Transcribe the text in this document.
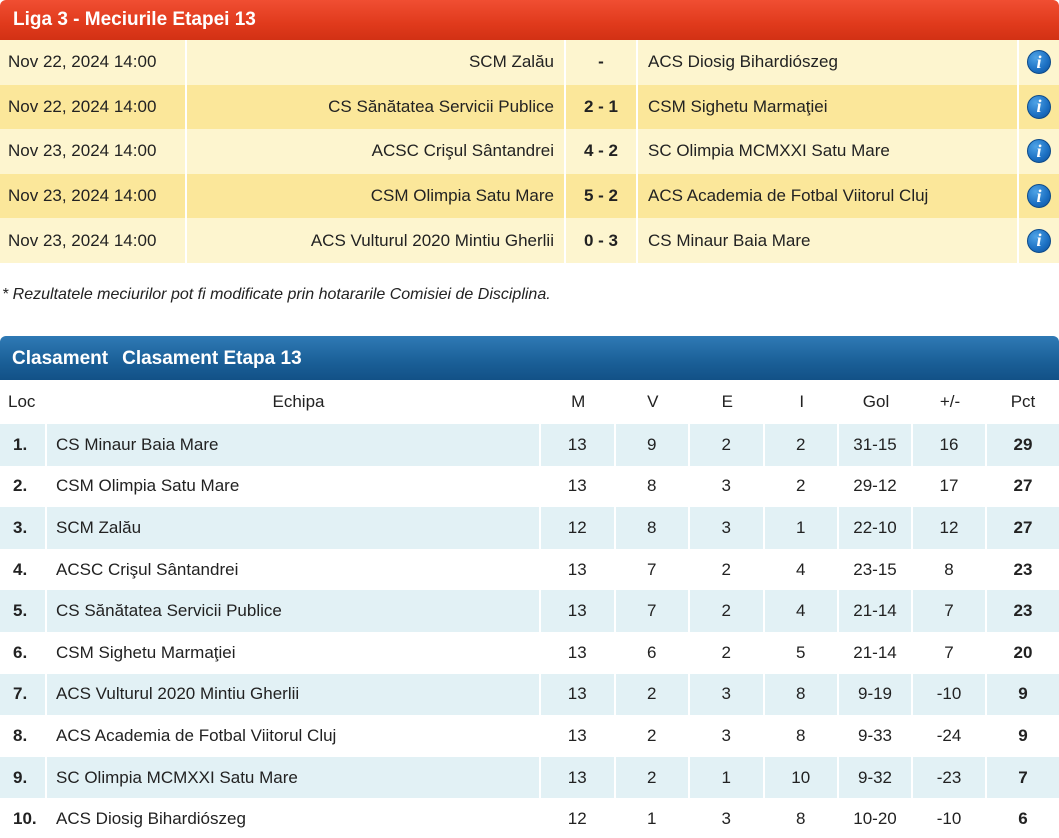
Liga 3 - Meciurile Etapei 13
Nov 22, 2024 14:00	SCM Zalău	-	ACS Diosig Bihardiószeg	i
Nov 22, 2024 14:00	CS Sănătatea Servicii Publice	2 - 1	CSM Sighetu Marmaţiei	i
Nov 23, 2024 14:00	ACSC Crişul Sântandrei	4 - 2	SC Olimpia MCMXXI Satu Mare	i
Nov 23, 2024 14:00	CSM Olimpia Satu Mare	5 - 2	ACS Academia de Fotbal Viitorul Cluj	i
Nov 23, 2024 14:00	ACS Vulturul 2020 Mintiu Gherlii	0 - 3	CS Minaur Baia Mare	i
* Rezultatele meciurilor pot fi modificate prin hotararile Comisiei de Disciplina.
Clasament Clasament Etapa 13
Loc	Echipa	M	V	E	I	Gol	+/-	Pct
1.	CS Minaur Baia Mare	13	9	2	2	31-15	16	29
2.	CSM Olimpia Satu Mare	13	8	3	2	29-12	17	27
3.	SCM Zalău	12	8	3	1	22-10	12	27
4.	ACSC Crişul Sântandrei	13	7	2	4	23-15	8	23
5.	CS Sănătatea Servicii Publice	13	7	2	4	21-14	7	23
6.	CSM Sighetu Marmaţiei	13	6	2	5	21-14	7	20
7.	ACS Vulturul 2020 Mintiu Gherlii	13	2	3	8	9-19	-10	9
8.	ACS Academia de Fotbal Viitorul Cluj	13	2	3	8	9-33	-24	9
9.	SC Olimpia MCMXXI Satu Mare	13	2	1	10	9-32	-23	7
10.	ACS Diosig Bihardiószeg	12	1	3	8	10-20	-10	6
